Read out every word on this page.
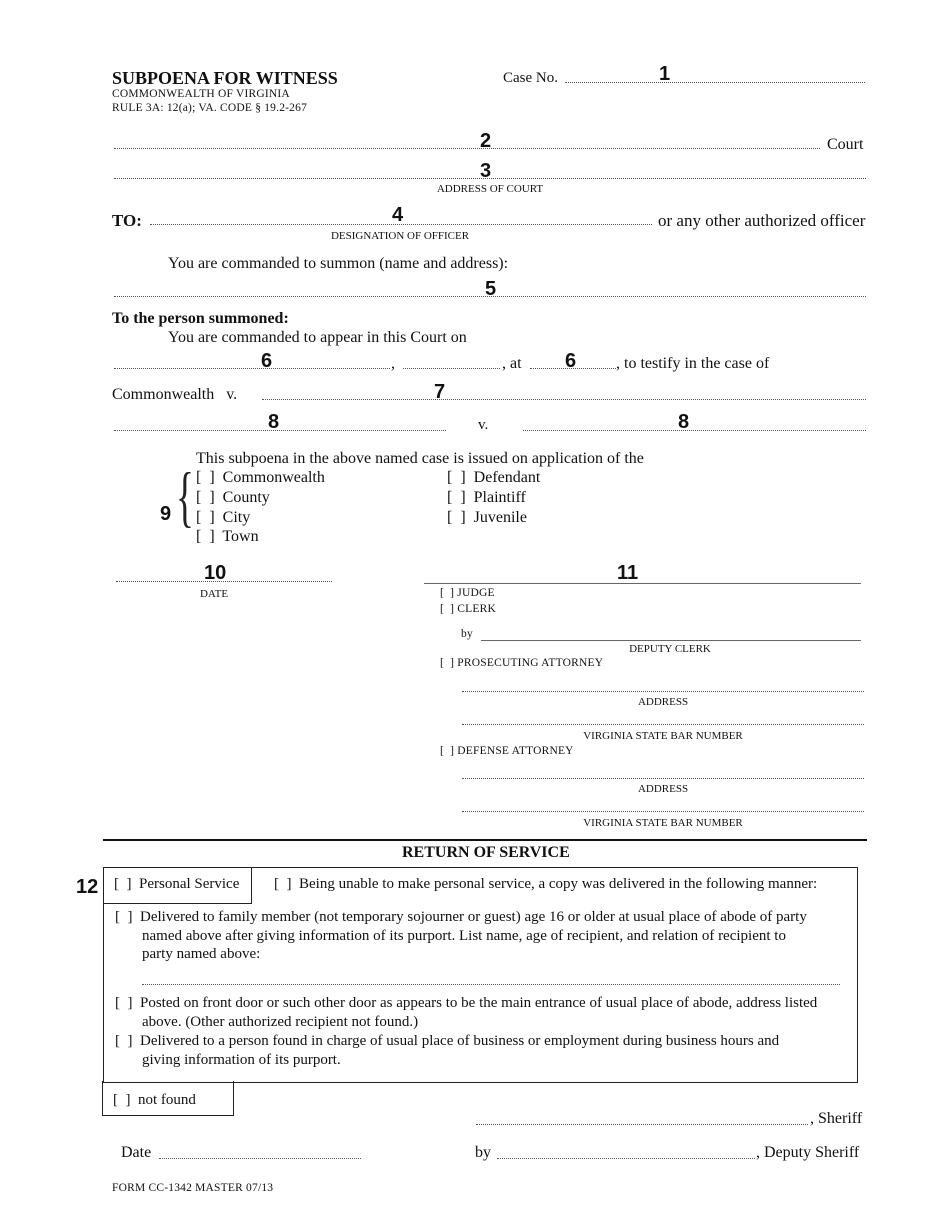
SUBPOENA FOR WITNESS
COMMONWEALTH OF VIRGINIA
RULE 3A: 12(a); VA. CODE § 19.2-267
Case No.	1
2	Court
3
ADDRESS OF COURT
TO:	4	or any other authorized officer
DESIGNATION OF OFFICER
You are commanded to summon (name and address):
5
To the person summoned:
You are commanded to appear in this Court on
6	,	, at 6 , to testify in the case of
Commonwealth   v.	7
8	v.	8
This subpoena in the above named case is issued on application of the
9 { [  ]  Commonwealth
[  ]  County
[  ]  City
[  ]  Town
[  ]  Defendant
[  ]  Plaintiff
[  ]  Juvenile
10
DATE
11
[  ] JUDGE
[  ] CLERK
by
DEPUTY CLERK
[  ] PROSECUTING ATTORNEY
ADDRESS
VIRGINIA STATE BAR NUMBER
[  ] DEFENSE ATTORNEY
ADDRESS
VIRGINIA STATE BAR NUMBER
RETURN OF SERVICE
12 [  ]  Personal Service [  ]  Being unable to make personal service, a copy was delivered in the following manner:
[  ]  Delivered to family member (not temporary sojourner or guest) age 16 or older at usual place of abode of party
named above after giving information of its purport. List name, age of recipient, and relation of recipient to
party named above:
[  ]  Posted on front door or such other door as appears to be the main entrance of usual place of abode, address listed
above. (Other authorized recipient not found.)
[  ]  Delivered to a person found in charge of usual place of business or employment during business hours and
giving information of its purport.
[  ]  not found
, Sheriff
Date	by	, Deputy Sheriff
FORM CC-1342 MASTER 07/13
